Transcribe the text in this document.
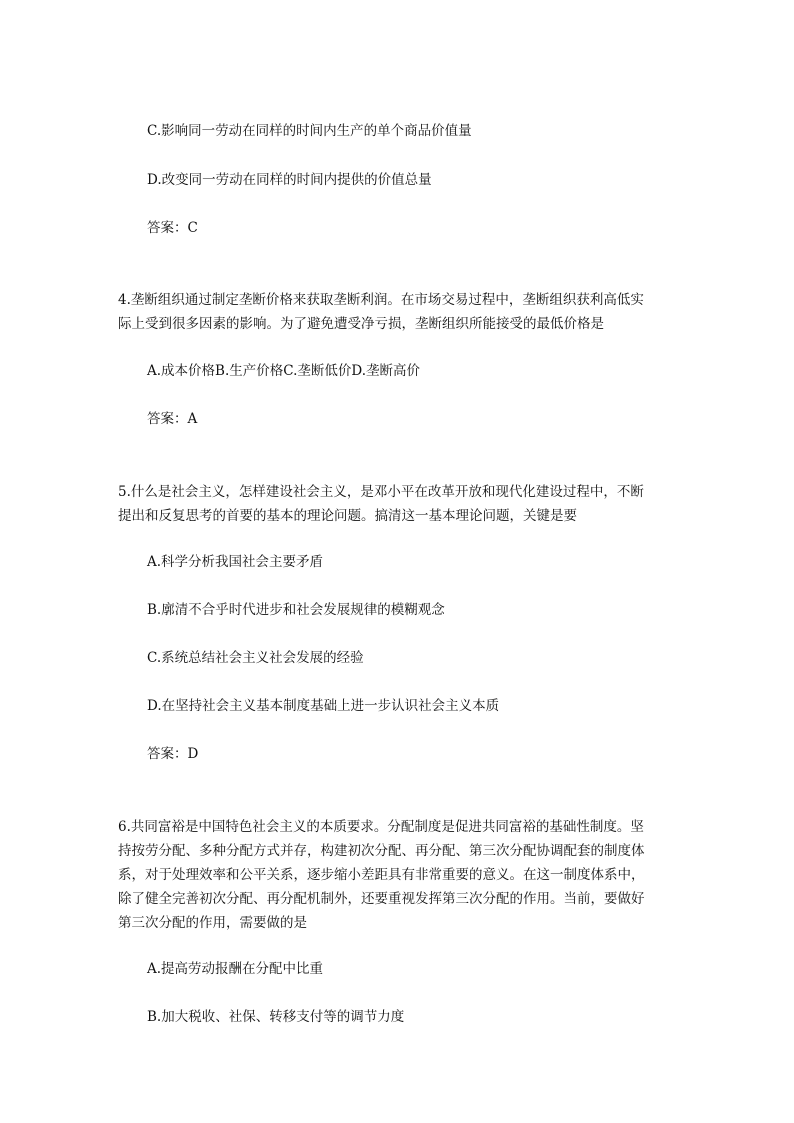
C.影响同一劳动在同样的时间内生产的单个商品价值量
D.改变同一劳动在同样的时间内提供的价值总量
答案：C
4.垄断组织通过制定垄断价格来获取垄断利润。在市场交易过程中，垄断组织获利高低实
际上受到很多因素的影响。为了避免遭受净亏损，垄断组织所能接受的最低价格是
A.成本价格B.生产价格C.垄断低价D.垄断高价
答案：A
5.什么是社会主义，怎样建设社会主义，是邓小平在改革开放和现代化建设过程中，不断
提出和反复思考的首要的基本的理论问题。搞清这一基本理论问题，关键是要
A.科学分析我国社会主要矛盾
B.廓清不合乎时代进步和社会发展规律的模糊观念
C.系统总结社会主义社会发展的经验
D.在坚持社会主义基本制度基础上进一步认识社会主义本质
答案：D
6.共同富裕是中国特色社会主义的本质要求。分配制度是促进共同富裕的基础性制度。坚
持按劳分配、多种分配方式并存，构建初次分配、再分配、第三次分配协调配套的制度体
系，对于处理效率和公平关系，逐步缩小差距具有非常重要的意义。在这一制度体系中，
除了健全完善初次分配、再分配机制外，还要重视发挥第三次分配的作用。当前，要做好
第三次分配的作用，需要做的是
A.提高劳动报酬在分配中比重
B.加大税收、社保、转移支付等的调节力度
